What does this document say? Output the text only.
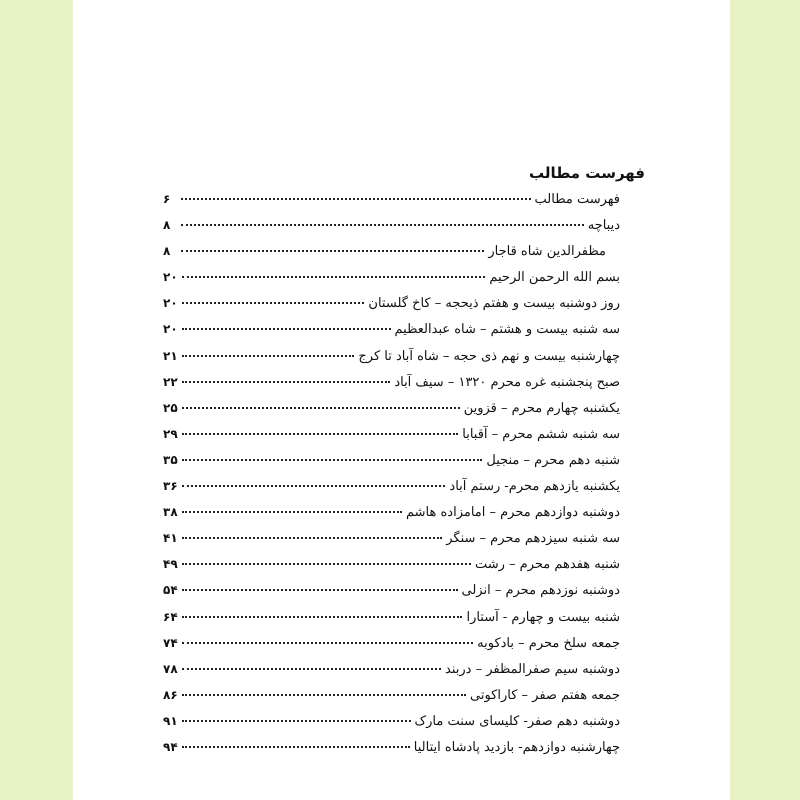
فهرست مطالب
فهرست مطالب
۶
دیباچه
۸
مظفرالدین شاه قاجار
۸
بسم الله الرحمن الرحیم
۲۰
روز دوشنبه بیست و هفتم ذیحجه – کاخ گلستان
۲۰
سه شنبه بیست و هشتم – شاه عبدالعظیم
۲۰
چهارشنبه بیست و نهم ذی حجه – شاه آباد تا کرج
۲۱
صبح پنجشنبه غره محرم ۱۳۲۰ – سیف آباد
۲۲
یکشنبه چهارم محرم – قزوین
۲۵
سه شنبه ششم محرم – آقبابا
۲۹
شنبه دهم محرم – منجیل
۳۵
یکشنبه یازدهم محرم- رستم آباد
۳۶
دوشنبه دوازدهم محرم – امامزاده هاشم
۳۸
سه شنبه سیزدهم محرم – سنگر
۴۱
شنبه هفدهم محرم – رشت
۴۹
دوشنبه نوزدهم محرم – انزلی
۵۴
شنبه بیست و چهارم - آستارا
۶۴
جمعه سلخ محرم – بادکوبه
۷۴
دوشنبه سیم صفرالمظفر – دربند
۷۸
جمعه هفتم صفر – کاراکوتی
۸۶
دوشنبه دهم صفر- کلیسای سنت مارک
۹۱
چهارشنبه دوازدهم- بازدید پادشاه ایتالیا
۹۴
